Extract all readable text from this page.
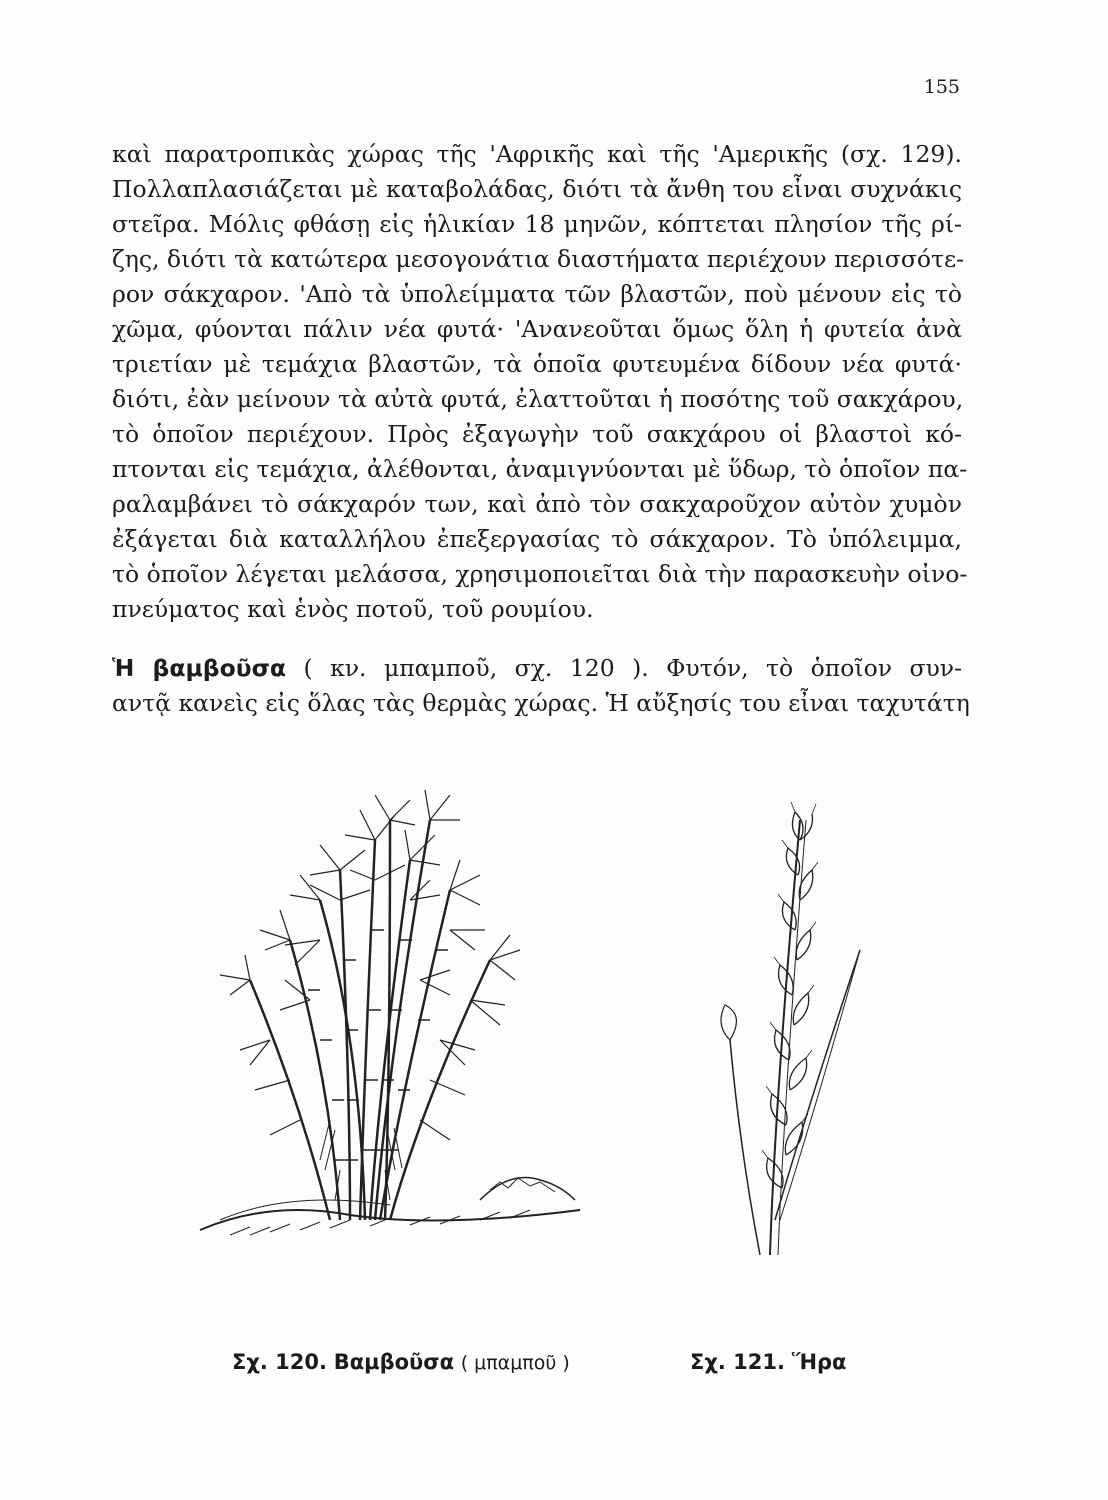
155
καὶ παρατροπικὰς χώρας τῆς 'Αφρικῆς καὶ τῆς 'Αμερικῆς (σχ. 129).
Πολλαπλασιάζεται μὲ καταβολάδας, διότι τὰ ἄνθη του εἶναι συχνάκις
στεῖρα. Μόλις φθάσῃ εἰς ἡλικίαν 18 μηνῶν, κόπτεται πλησίον τῆς ρί-
ζης, διότι τὰ κατώτερα μεσογονάτια διαστήματα περιέχουν περισσότε-
ρον σάκχαρον. 'Απὸ τὰ ὑπολείμματα τῶν βλαστῶν, ποὺ μένουν εἰς τὸ
χῶμα, φύονται πάλιν νέα φυτά· 'Ανανεοῦται ὅμως ὅλη ἡ φυτεία ἀνὰ
τριετίαν μὲ τεμάχια βλαστῶν, τὰ ὁποῖα φυτευμένα δίδουν νέα φυτά·
διότι, ἐὰν μείνουν τὰ αὐτὰ φυτά, ἐλαττοῦται ἡ ποσότης τοῦ σακχάρου,
τὸ ὁποῖον περιέχουν. Πρὸς ἐξαγωγὴν τοῦ σακχάρου οἱ βλαστοὶ κό-
πτονται εἰς τεμάχια, ἀλέθονται, ἀναμιγνύονται μὲ ὕδωρ, τὸ ὁποῖον πα-
ραλαμβάνει τὸ σάκχαρόν των, καὶ ἀπὸ τὸν σακχαροῦχον αὐτὸν χυμὸν
ἐξάγεται διὰ καταλλήλου ἐπεξεργασίας τὸ σάκχαρον. Τὸ ὑπόλειμμα,
τὸ ὁποῖον λέγεται μελάσσα, χρησιμοποιεῖται διὰ τὴν παρασκευὴν οἰνο-
πνεύματος καὶ ἑνὸς ποτοῦ, τοῦ ρουμίου.
Ἡ βαμβοῦσα ( κν. μπαμποῦ, σχ. 120 ). Φυτόν, τὸ ὁποῖον συν-
αντᾷ κανεὶς εἰς ὅλας τὰς θερμὰς χώρας. Ἡ αὔξησίς του εἶναι ταχυτάτη
Σχ. 120. Βαμβοῦσα ( μπαμποῦ )	Σχ. 121. Ἥρα
